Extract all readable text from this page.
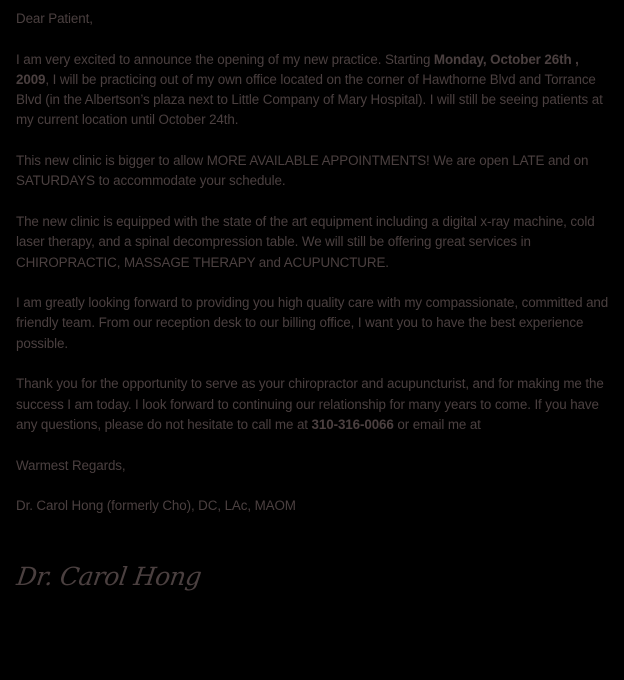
Dear Patient,

I am very excited to announce the opening of my new practice. Starting Monday, October 26th , 2009, I will be practicing out of my own office located on the corner of Hawthorne Blvd and Torrance Blvd (in the Albertson’s plaza next to Little Company of Mary Hospital). I will still be seeing patients at my current location until October 24th.

This new clinic is bigger to allow MORE AVAILABLE APPOINTMENTS! We are open LATE and on SATURDAYS to accommodate your schedule.

The new clinic is equipped with the state of the art equipment including a digital x-ray machine, cold laser therapy, and a spinal decompression table. We will still be offering great services in CHIROPRACTIC, MASSAGE THERAPY and ACUPUNCTURE.

I am greatly looking forward to providing you high quality care with my compassionate, committed and friendly team. From our reception desk to our billing office, I want you to have the best experience possible.

Thank you for the opportunity to serve as your chiropractor and acupuncturist, and for making me the success I am today. I look forward to continuing our relationship for many years to come. If you have any questions, please do not hesitate to call me at 310-316-0066 or email me at

Warmest Regards,

Dr. Carol Hong (formerly Cho), DC, LAc, MAOM

Dr. Carol Hong
